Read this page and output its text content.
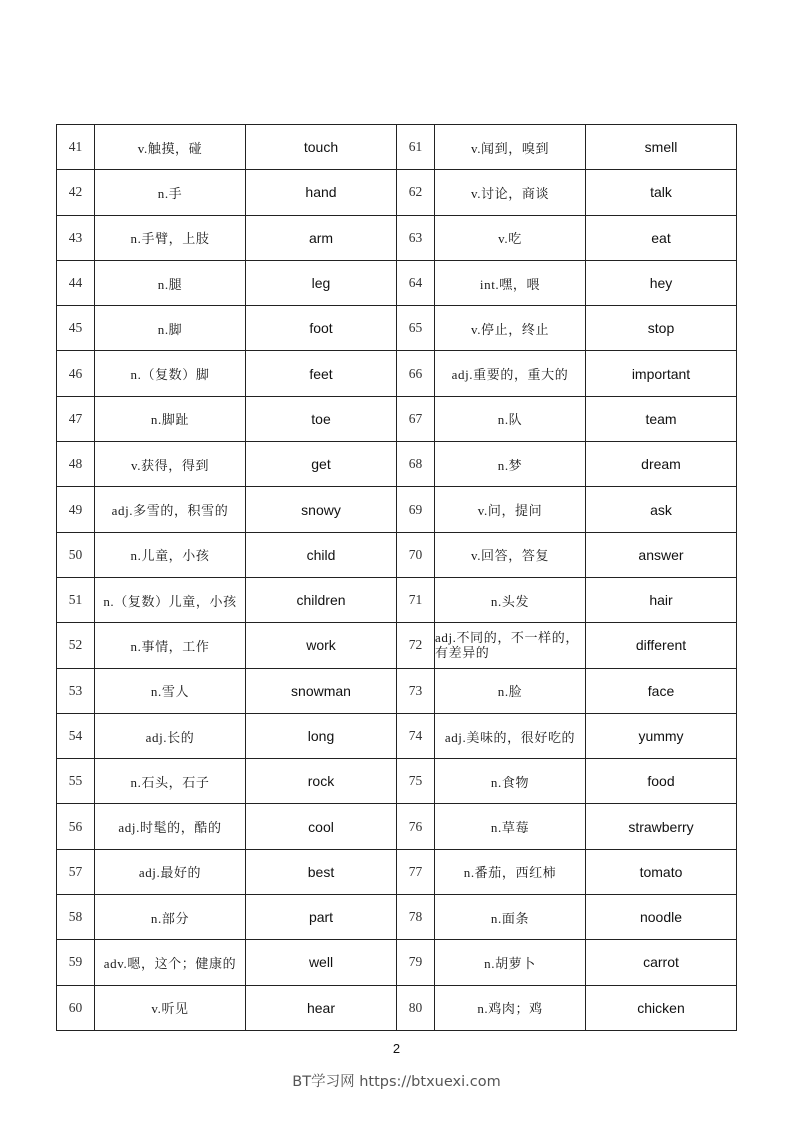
41	v.触摸，碰	touch	61	v.闻到，嗅到	smell
42	n.手	hand	62	v.讨论，商谈	talk
43	n.手臂，上肢	arm	63	v.吃	eat
44	n.腿	leg	64	int.嘿，喂	hey
45	n.脚	foot	65	v.停止，终止	stop
46	n.（复数）脚	feet	66	adj.重要的，重大的	important
47	n.脚趾	toe	67	n.队	team
48	v.获得，得到	get	68	n.梦	dream
49	adj.多雪的，积雪的	snowy	69	v.问，提问	ask
50	n.儿童，小孩	child	70	v.回答，答复	answer
51	n.（复数）儿童，小孩	children	71	n.头发	hair
52	n.事情，工作	work	72	adj.不同的，不一样的，有差异的	different
53	n.雪人	snowman	73	n.脸	face
54	adj.长的	long	74	adj.美味的，很好吃的	yummy
55	n.石头，石子	rock	75	n.食物	food
56	adj.时髦的，酷的	cool	76	n.草莓	strawberry
57	adj.最好的	best	77	n.番茄，西红柿	tomato
58	n.部分	part	78	n.面条	noodle
59	adv.嗯，这个；健康的	well	79	n.胡萝卜	carrot
60	v.听见	hear	80	n.鸡肉；鸡	chicken
2
BT学习网 https://btxuexi.com
